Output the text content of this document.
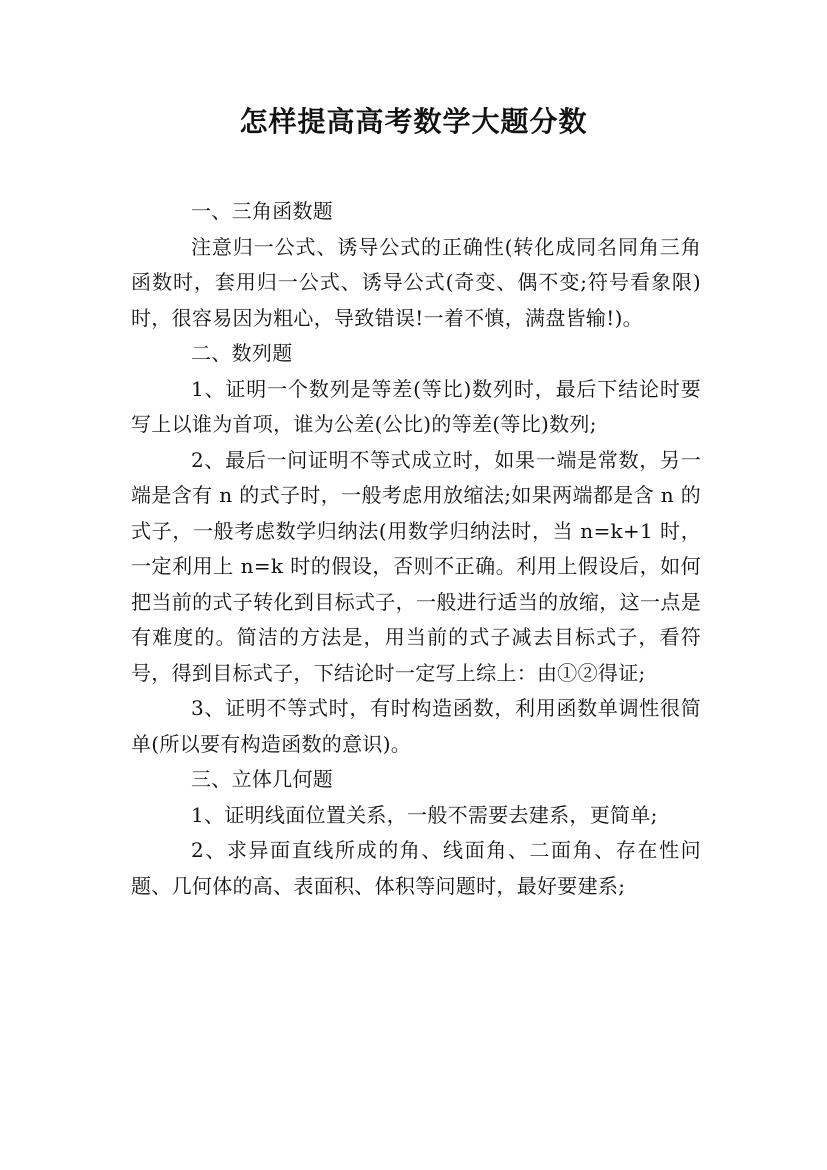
怎样提高高考数学大题分数

一、三角函数题

注意归一公式、诱导公式的正确性(转化成同名同角三角函数时，套用归一公式、诱导公式(奇变、偶不变;符号看象限)时，很容易因为粗心，导致错误!一着不慎，满盘皆输!)。

二、数列题

1、证明一个数列是等差(等比)数列时，最后下结论时要写上以谁为首项，谁为公差(公比)的等差(等比)数列;

2、最后一问证明不等式成立时，如果一端是常数，另一端是含有 n 的式子时，一般考虑用放缩法;如果两端都是含 n 的式子，一般考虑数学归纳法(用数学归纳法时，当 n=k+1 时，一定利用上 n=k 时的假设，否则不正确。利用上假设后，如何把当前的式子转化到目标式子，一般进行适当的放缩，这一点是有难度的。简洁的方法是，用当前的式子减去目标式子，看符号，得到目标式子，下结论时一定写上综上：由①②得证;

3、证明不等式时，有时构造函数，利用函数单调性很简单(所以要有构造函数的意识)。

三、立体几何题

1、证明线面位置关系，一般不需要去建系，更简单;

2、求异面直线所成的角、线面角、二面角、存在性问题、几何体的高、表面积、体积等问题时，最好要建系;
